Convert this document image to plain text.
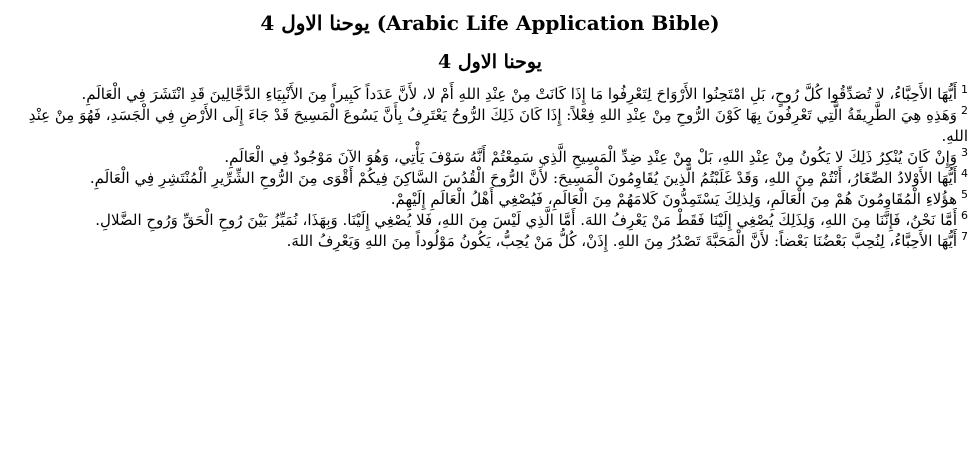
يوحنا الاول 4 (Arabic Life Application Bible)
يوحنا الاول 4

$^1$أَيُّهَا الأَحِبَّاءُ، لا تُصَدِّقُوا كُلَّ رُوحٍ، بَلِ امْتَحِنُوا الأَرْوَاحَ لِتَعْرِفُوا مَا إِذَا كَانَتْ مِنْ عِنْدِ اللهِ أَمْ لا، لأَنَّ عَدَداً كَبِيراً مِنَ الأَنْبِيَاءِ الدَّجَّالِينَ قَدِ انْتَشَرَ فِي الْعَالَمِ.

$^2$وَهَذِهِ هِيَ الطَّرِيقَةُ الَّتِي تَعْرِفُونَ بِهَا كَوْنَ الرُّوحِ مِنْ عِنْدِ اللهِ فِعْلاً: إِذَا كَانَ ذَلِكَ الرُّوحُ يَعْتَرِفُ بِأَنَّ يَسُوعَ الْمَسِيحَ قَدْ جَاءَ إِلَى الأَرْضِ فِي الْجَسَدِ، فَهُوَ مِنْ عِنْدِ اللهِ.

$^3$وَإِنْ كَانَ يُنْكِرُ ذَلِكَ لا يَكُونُ مِنْ عِنْدِ اللهِ، بَلْ مِنْ عِنْدِ ضِدِّ الْمَسِيحِ الَّذِي سَمِعْتُمْ أَنَّهُ سَوْفَ يَأْتِي، وَهُوَ الآنَ مَوْجُودٌ فِي الْعَالَمِ.

$^4$أَيُّهَا الأَوْلادُ الصِّغَارُ، أَنْتُمْ مِنَ اللهِ، وَقَدْ غَلَبْتُمُ الَّذِينَ يُقَاوِمُونَ الْمَسِيحَ: لأَنَّ الرُّوحَ الْقُدُسَ السَّاكِنَ فِيكُمْ أَقْوَى مِنَ الرُّوحِ الشِّرِّيرِ الْمُنْتَشِرِ فِي الْعَالَمِ.

$^5$هؤُلاءِ الْمُقَاوِمُونَ هُمْ مِنَ الْعَالَمِ، وَلِذلِكَ يَسْتَمِدُّونَ كَلامَهُمْ مِنَ الْعَالَمِ، فَيُصْغِي أَهْلُ الْعَالَمِ إِلَيْهِمْ.

$^6$أَمَّا نَحْنُ، فَإِنَّنَا مِنَ اللهِ، وَلِذَلِكَ يُصْغِي إِلَيْنَا فَقَطْ مَنْ يَعْرِفُ اللهَ. أَمَّا الَّذِي لَيْسَ مِنَ اللهِ، فَلا يُصْغِي إِلَيْنَا. وَبِهَذَا، نُمَيِّزُ بَيْنَ رُوحِ الْحَقِّ وَرُوحِ الضَّلالِ.

$^7$أَيُّهَا الأَحِبَّاءُ، لِنُحِبَّ بَعْضُنَا بَعْضاً: لأَنَّ الْمَحَبَّةَ تَصْدُرُ مِنَ اللهِ. إِذَنْ، كُلُّ مَنْ يُحِبُّ، يَكُونُ مَوْلُوداً مِنَ اللهِ وَيَعْرِفُ اللهَ.
